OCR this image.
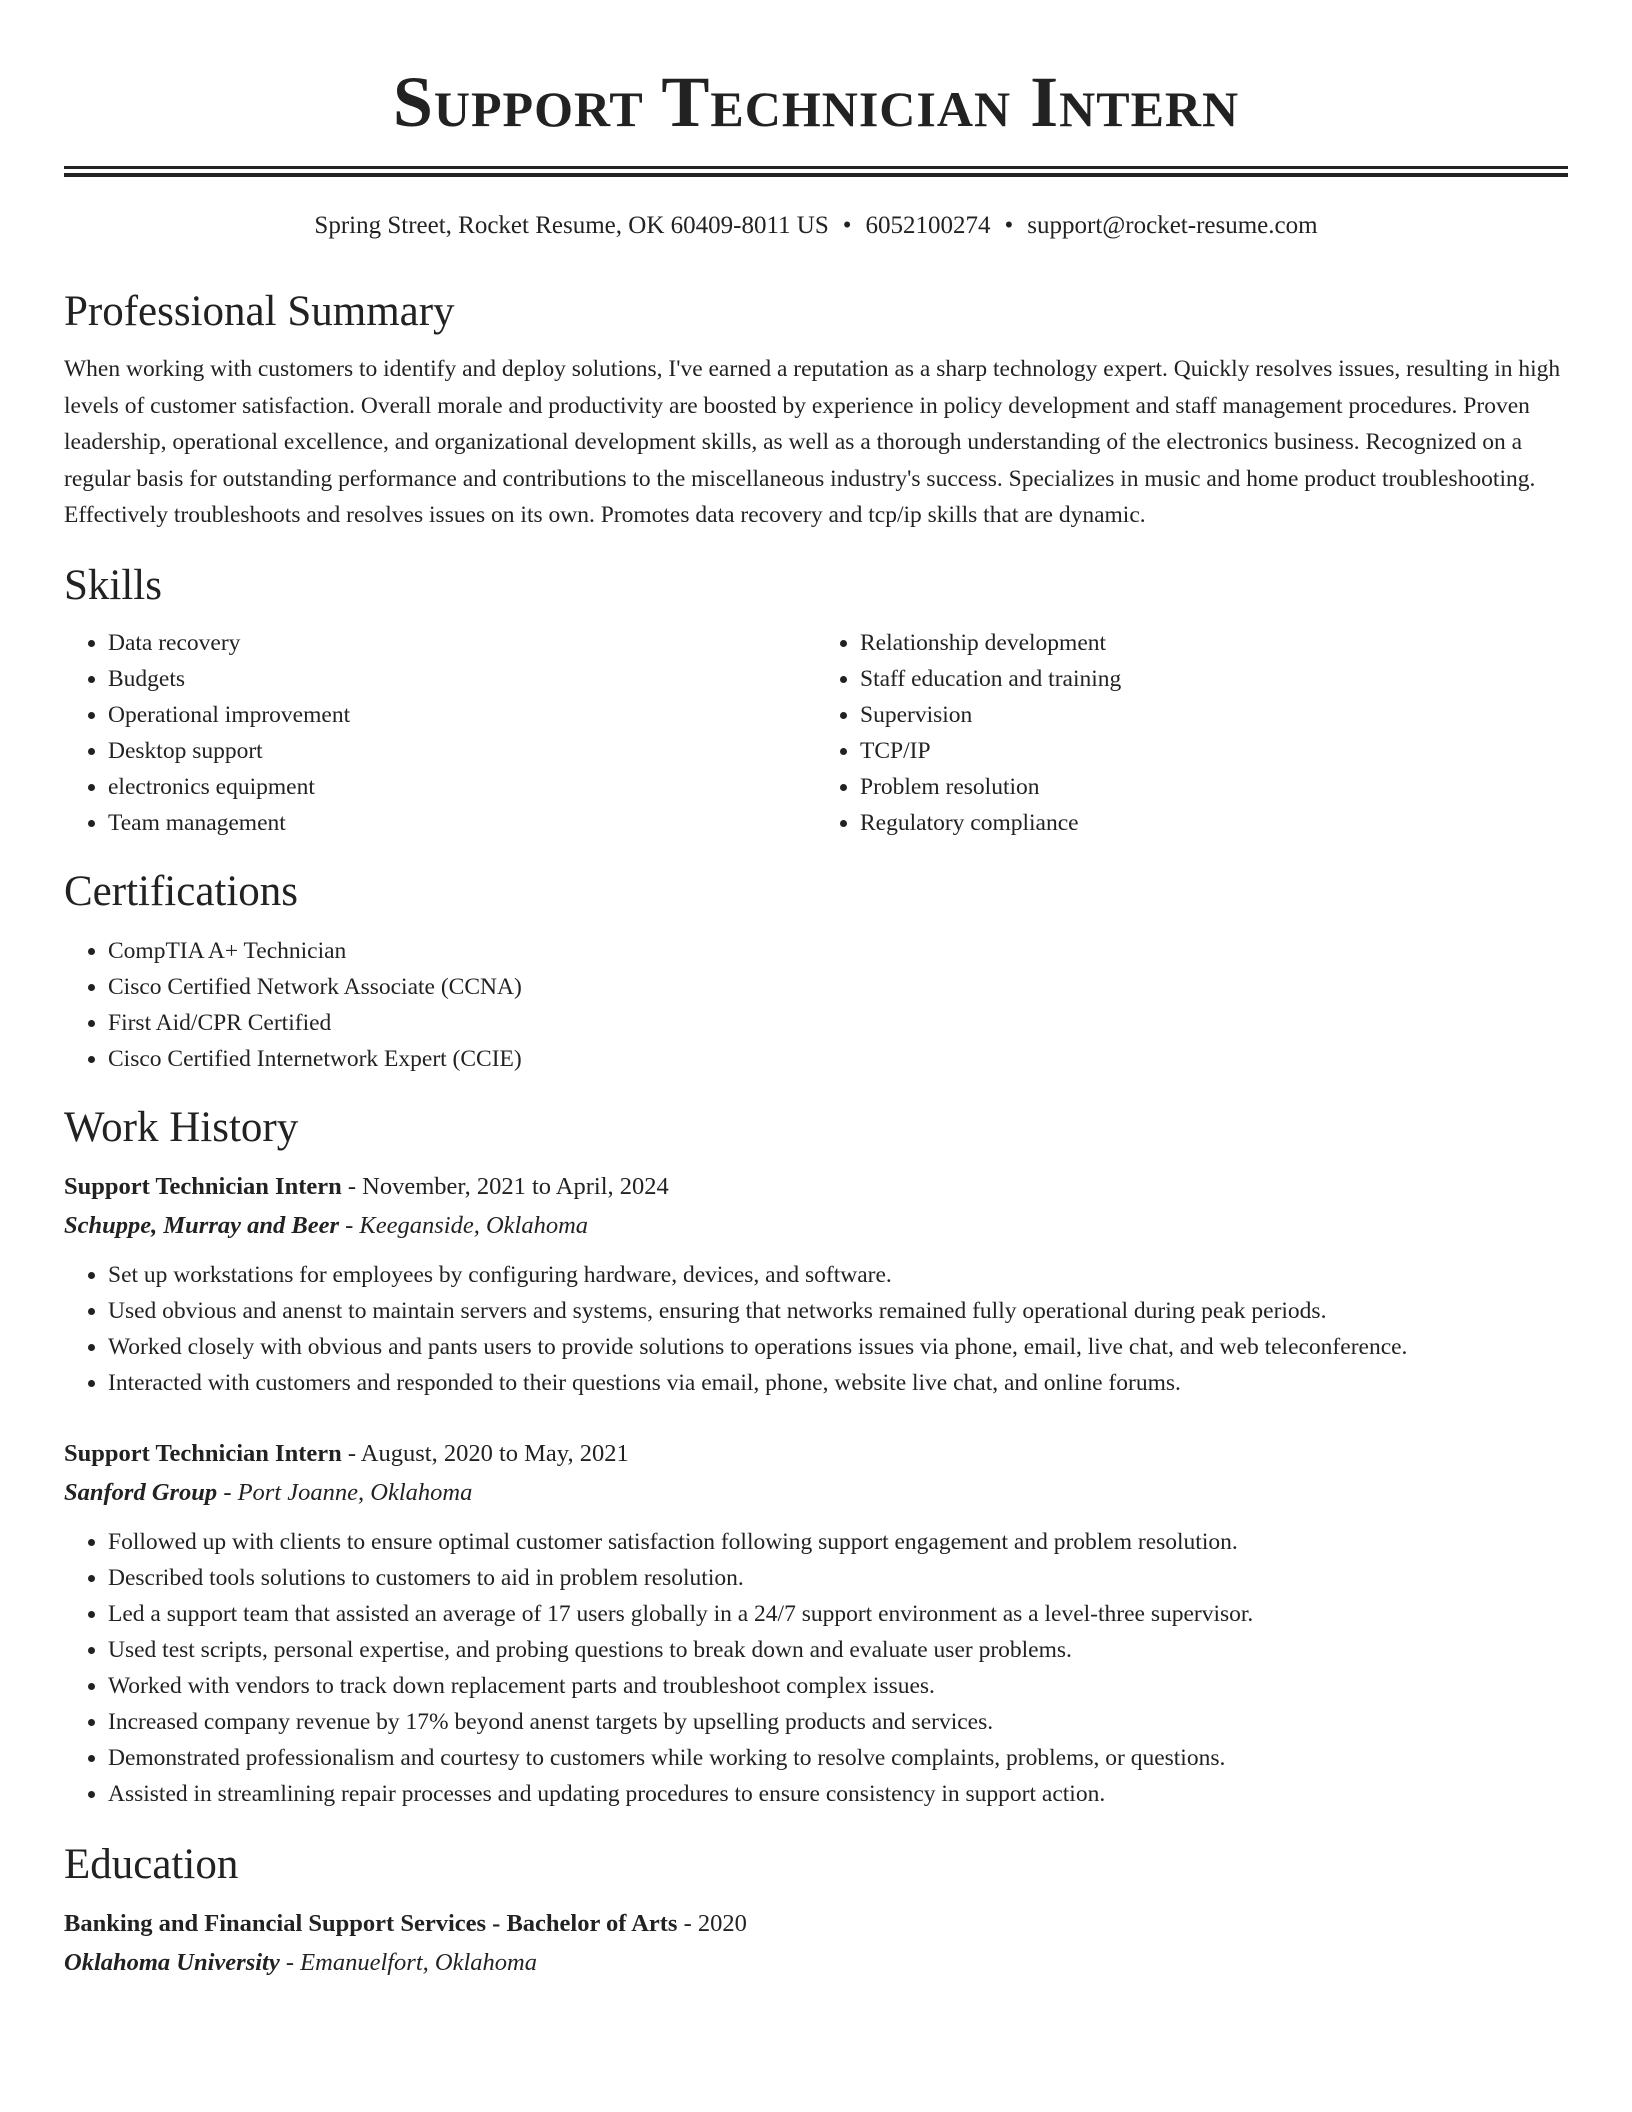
Support Technician Intern
Spring Street, Rocket Resume, OK 60409-8011 US • 6052100274 • support@rocket-resume.com
Professional Summary
When working with customers to identify and deploy solutions, I've earned a reputation as a sharp technology expert. Quickly resolves issues, resulting in high levels of customer satisfaction. Overall morale and productivity are boosted by experience in policy development and staff management procedures. Proven leadership, operational excellence, and organizational development skills, as well as a thorough understanding of the electronics business. Recognized on a regular basis for outstanding performance and contributions to the miscellaneous industry's success. Specializes in music and home product troubleshooting. Effectively troubleshoots and resolves issues on its own. Promotes data recovery and tcp/ip skills that are dynamic.
Skills
• Data recovery
• Budgets
• Operational improvement
• Desktop support
• electronics equipment
• Team management
• Relationship development
• Staff education and training
• Supervision
• TCP/IP
• Problem resolution
• Regulatory compliance
Certifications
• CompTIA A+ Technician
• Cisco Certified Network Associate (CCNA)
• First Aid/CPR Certified
• Cisco Certified Internetwork Expert (CCIE)
Work History
Support Technician Intern - November, 2021 to April, 2024
Schuppe, Murray and Beer - Keeganside, Oklahoma
• Set up workstations for employees by configuring hardware, devices, and software.
• Used obvious and anenst to maintain servers and systems, ensuring that networks remained fully operational during peak periods.
• Worked closely with obvious and pants users to provide solutions to operations issues via phone, email, live chat, and web teleconference.
• Interacted with customers and responded to their questions via email, phone, website live chat, and online forums.
Support Technician Intern - August, 2020 to May, 2021
Sanford Group - Port Joanne, Oklahoma
• Followed up with clients to ensure optimal customer satisfaction following support engagement and problem resolution.
• Described tools solutions to customers to aid in problem resolution.
• Led a support team that assisted an average of 17 users globally in a 24/7 support environment as a level-three supervisor.
• Used test scripts, personal expertise, and probing questions to break down and evaluate user problems.
• Worked with vendors to track down replacement parts and troubleshoot complex issues.
• Increased company revenue by 17% beyond anenst targets by upselling products and services.
• Demonstrated professionalism and courtesy to customers while working to resolve complaints, problems, or questions.
• Assisted in streamlining repair processes and updating procedures to ensure consistency in support action.
Education
Banking and Financial Support Services - Bachelor of Arts - 2020
Oklahoma University - Emanuelfort, Oklahoma
